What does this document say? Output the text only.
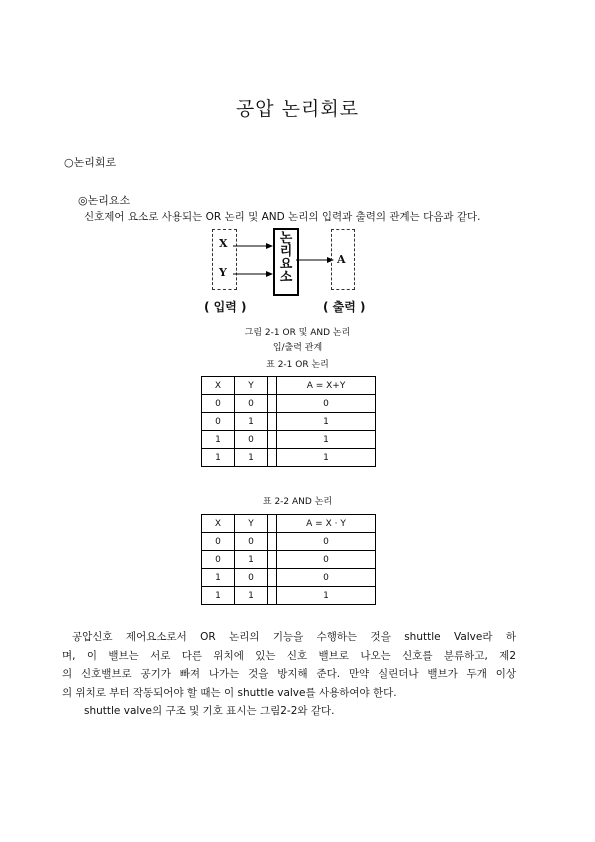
공압 논리회로
○논리회로
◎논리요소
신호제어 요소로 사용되는 OR 논리 및 AND 논리의 입력과 출력의 관계는 다음과 같다.
X
Y
논
리
요
소
A
( 입력 )	( 출력 )
그림 2-1 OR 및 AND 논리
입/출력 관계
표 2-1 OR 논리
X	Y		A = X+Y
0	0		0
0	1		1
1	0		1
1	1		1
표 2-2 AND 논리
X	Y		A = X · Y
0	0		0
0	1		0
1	0		0
1	1		1
공압신호 제어요소로서 OR 논리의 기능을 수행하는 것을 shuttle Valve라 하
며, 이 밸브는 서로 다른 위치에 있는 신호 밸브로 나오는 신호를 분류하고, 제2
의 신호밸브로 공기가 빠져 나가는 것을 방지해 준다. 만약 실린더나 밸브가 두개 이상
의 위치로 부터 작동되어야 할 때는 이 shuttle valve를 사용하여야 한다.
shuttle valve의 구조 및 기호 표시는 그림2-2와 같다.
